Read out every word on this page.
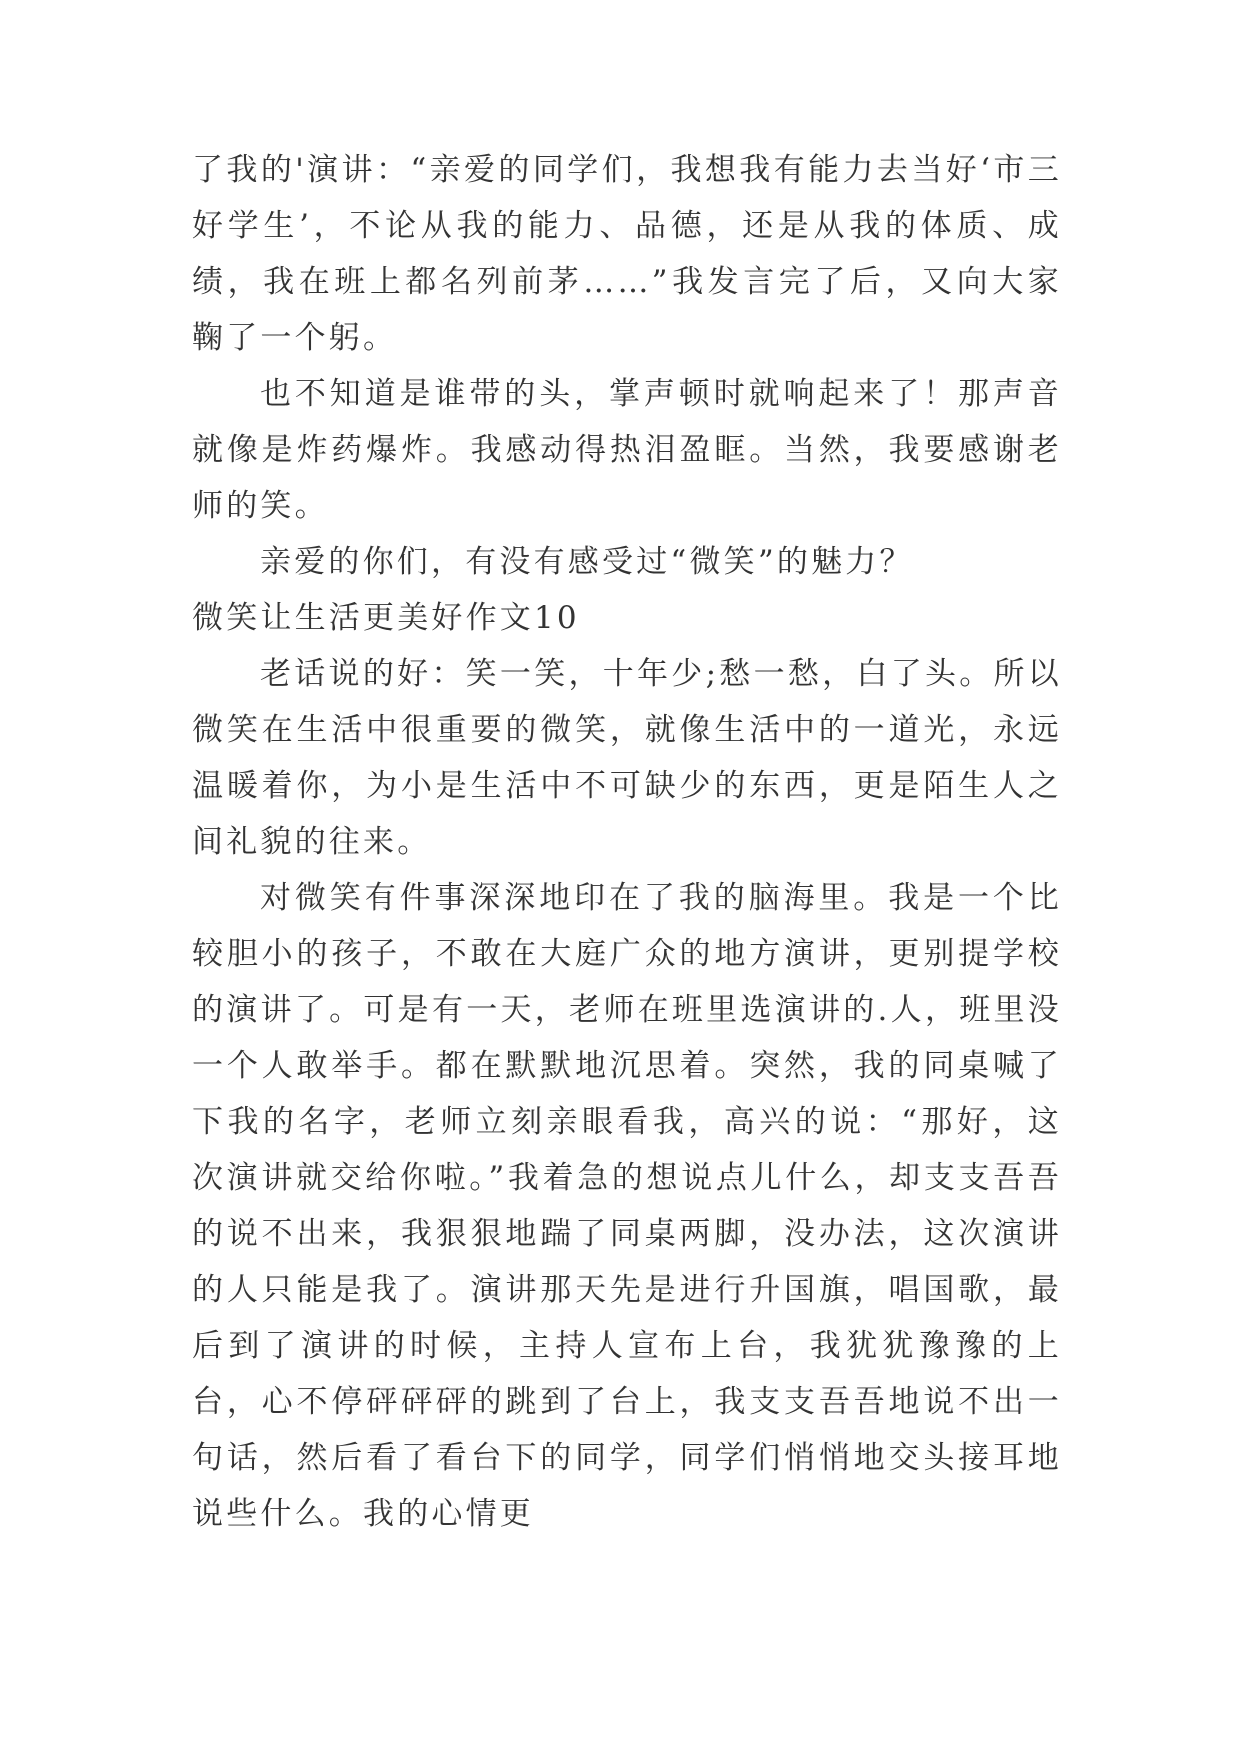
了我的'演讲：“亲爱的同学们，我想我有能力去当好‘市三好学生’，不论从我的能力、品德，还是从我的体质、成绩，我在班上都名列前茅……”我发言完了后，又向大家鞠了一个躬。

也不知道是谁带的头，掌声顿时就响起来了！那声音就像是炸药爆炸。我感动得热泪盈眶。当然，我要感谢老师的笑。

亲爱的你们，有没有感受过“微笑”的魅力？

微笑让生活更美好作文10

老话说的好：笑一笑，十年少;愁一愁，白了头。所以微笑在生活中很重要的微笑，就像生活中的一道光，永远温暖着你，为小是生活中不可缺少的东西，更是陌生人之间礼貌的往来。

对微笑有件事深深地印在了我的脑海里。我是一个比较胆小的孩子，不敢在大庭广众的地方演讲，更别提学校的演讲了。可是有一天，老师在班里选演讲的.人，班里没一个人敢举手。都在默默地沉思着。突然，我的同桌喊了下我的名字，老师立刻亲眼看我，高兴的说：“那好，这次演讲就交给你啦。”我着急的想说点儿什么，却支支吾吾的说不出来，我狠狠地踹了同桌两脚，没办法，这次演讲的人只能是我了。演讲那天先是进行升国旗，唱国歌，最后到了演讲的时候，主持人宣布上台，我犹犹豫豫的上台，心不停砰砰砰的跳到了台上，我支支吾吾地说不出一句话，然后看了看台下的同学，同学们悄悄地交头接耳地说些什么。我的心情更
